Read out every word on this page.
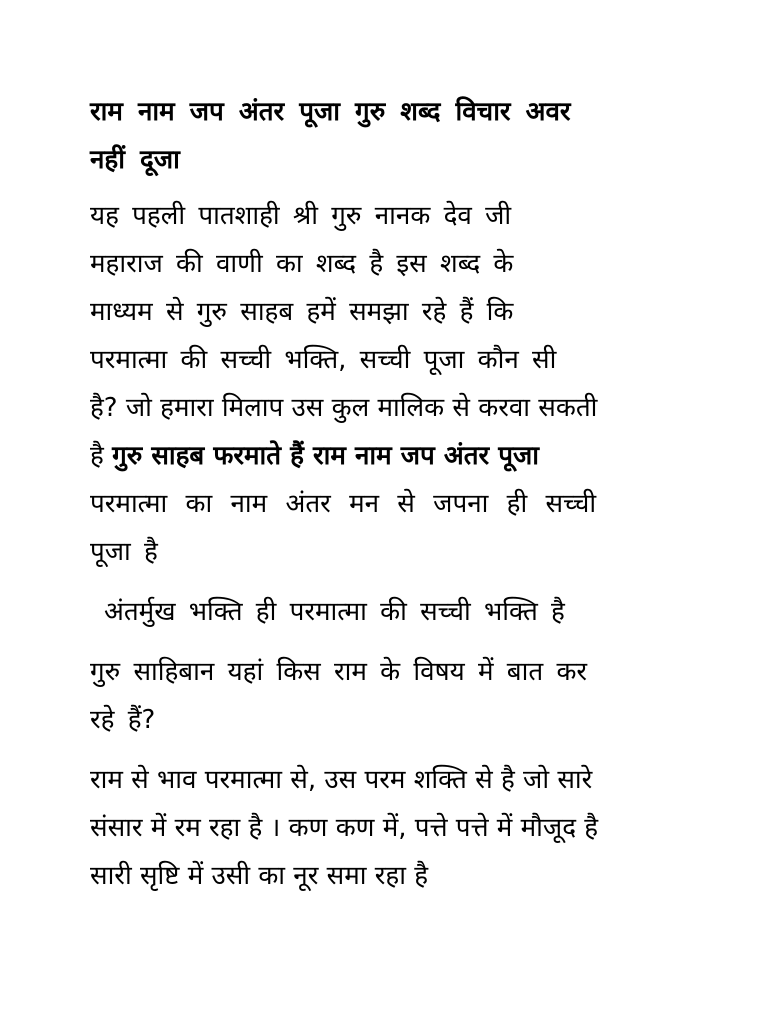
राम नाम जप अंतर पूजा गुरु शब्द विचार अवर
नहीं दूजा
यह पहली पातशाही श्री गुरु नानक देव जी
महाराज की वाणी का शब्द है इस शब्द के
माध्यम से गुरु साहब हमें समझा रहे हैं कि
परमात्मा की सच्ची भक्ति, सच्ची पूजा कौन सी
है? जो हमारा मिलाप उस कुल मालिक से करवा सकती
है गुरु साहब फरमाते हैं राम नाम जप अंतर पूजा
परमात्मा का नाम अंतर मन से जपना ही सच्ची
पूजा है
अंतर्मुख भक्ति ही परमात्मा की सच्ची भक्ति है
गुरु साहिबान यहां किस राम के विषय में बात कर
रहे हैं?
राम से भाव परमात्मा से, उस परम शक्ति से है जो सारे
संसार में रम रहा है । कण कण में, पत्ते पत्ते में मौजूद है
सारी सृष्टि में उसी का नूर समा रहा है
